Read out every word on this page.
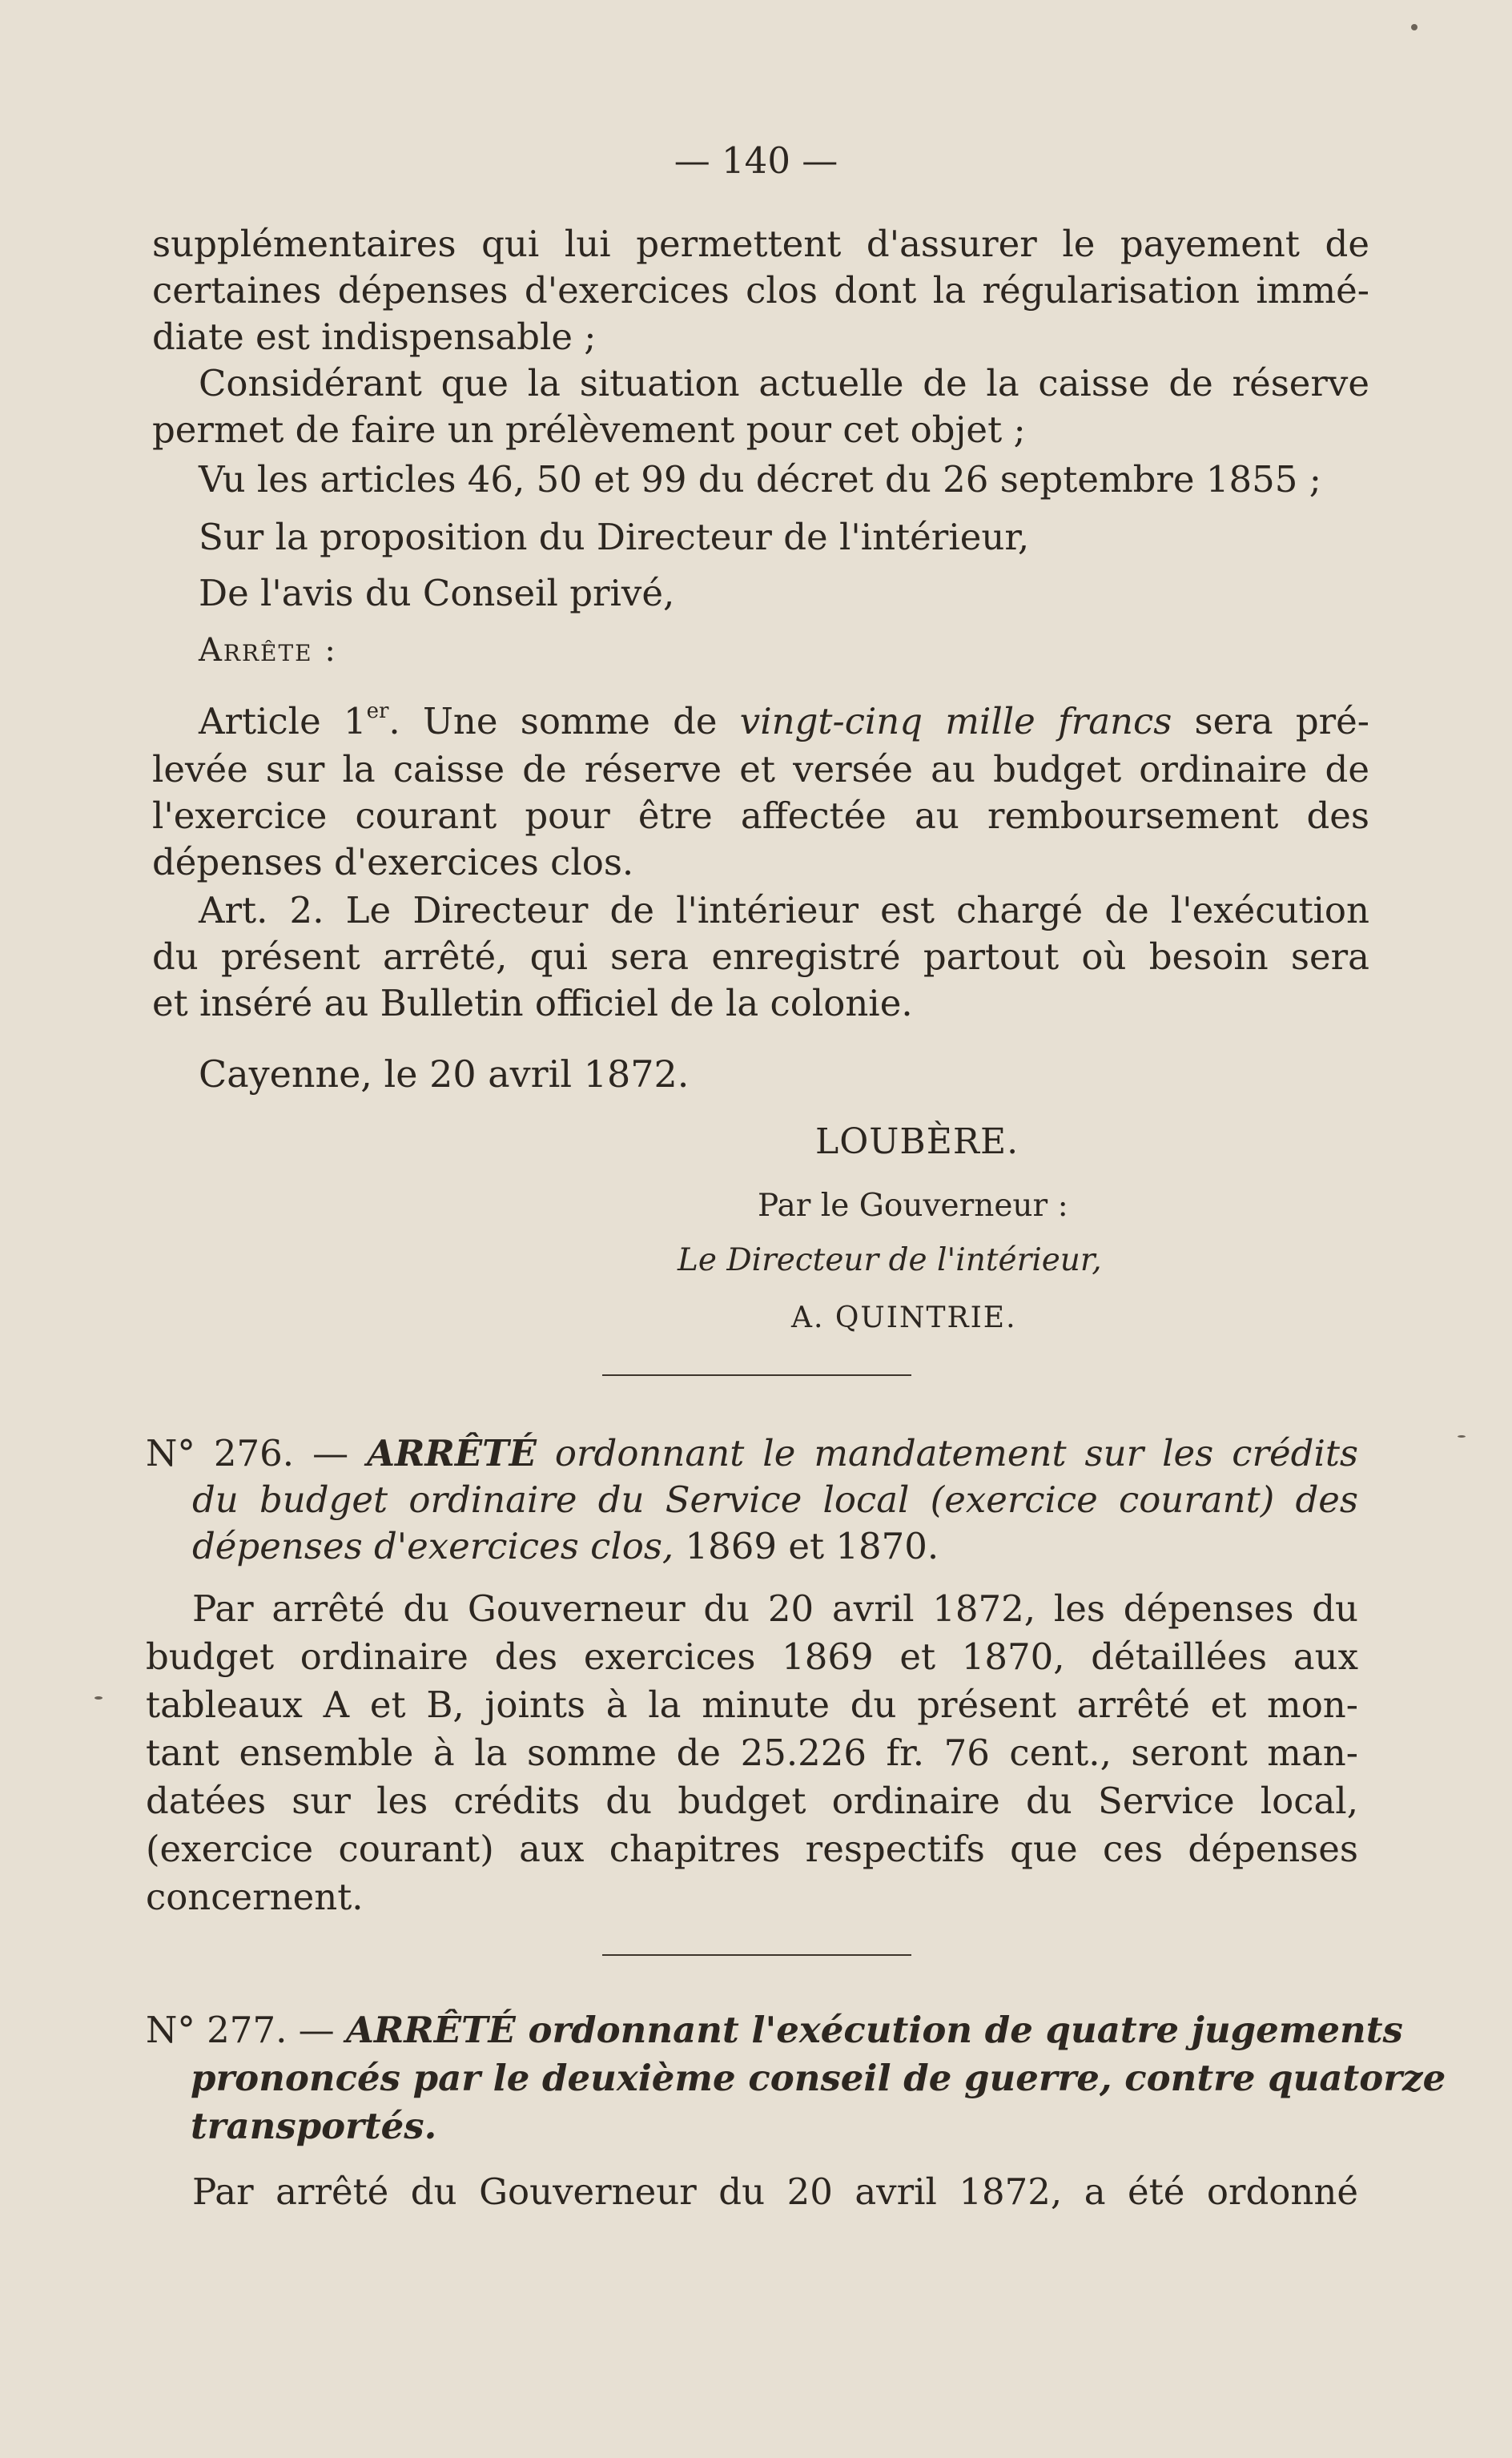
— 140 —
supplémentaires qui lui permettent d'assurer le payement de
certaines dépenses d'exercices clos dont la régularisation immé-
diate est indispensable ;
Considérant que la situation actuelle de la caisse de réserve
permet de faire un prélèvement pour cet objet ;
Vu les articles 46, 50 et 99 du décret du 26 septembre 1855 ;
Sur la proposition du Directeur de l'intérieur,
De l'avis du Conseil privé,
Arrête :
Article 1er. Une somme de vingt-cinq mille francs sera pré-
levée sur la caisse de réserve et versée au budget ordinaire de
l'exercice courant pour être affectée au remboursement des
dépenses d'exercices clos.
Art. 2. Le Directeur de l'intérieur est chargé de l'exécution
du présent arrêté, qui sera enregistré partout où besoin sera
et inséré au Bulletin officiel de la colonie.
Cayenne, le 20 avril 1872.
LOUBÈRE.
Par le Gouverneur :
Le Directeur de l'intérieur,
A. QUINTRIE.
N° 276. — ARRÊTÉ ordonnant le mandatement sur les crédits
du budget ordinaire du Service local (exercice courant) des
dépenses d'exercices clos, 1869 et 1870.
Par arrêté du Gouverneur du 20 avril 1872, les dépenses du
budget ordinaire des exercices 1869 et 1870, détaillées aux
tableaux A et B, joints à la minute du présent arrêté et mon-
tant ensemble à la somme de 25.226 fr. 76 cent., seront man-
datées sur les crédits du budget ordinaire du Service local,
(exercice courant) aux chapitres respectifs que ces dépenses
concernent.
N° 277. — ARRÊTÉ ordonnant l'exécution de quatre jugements
prononcés par le deuxième conseil de guerre, contre quatorze
transportés.
Par arrêté du Gouverneur du 20 avril 1872, a été ordonné
